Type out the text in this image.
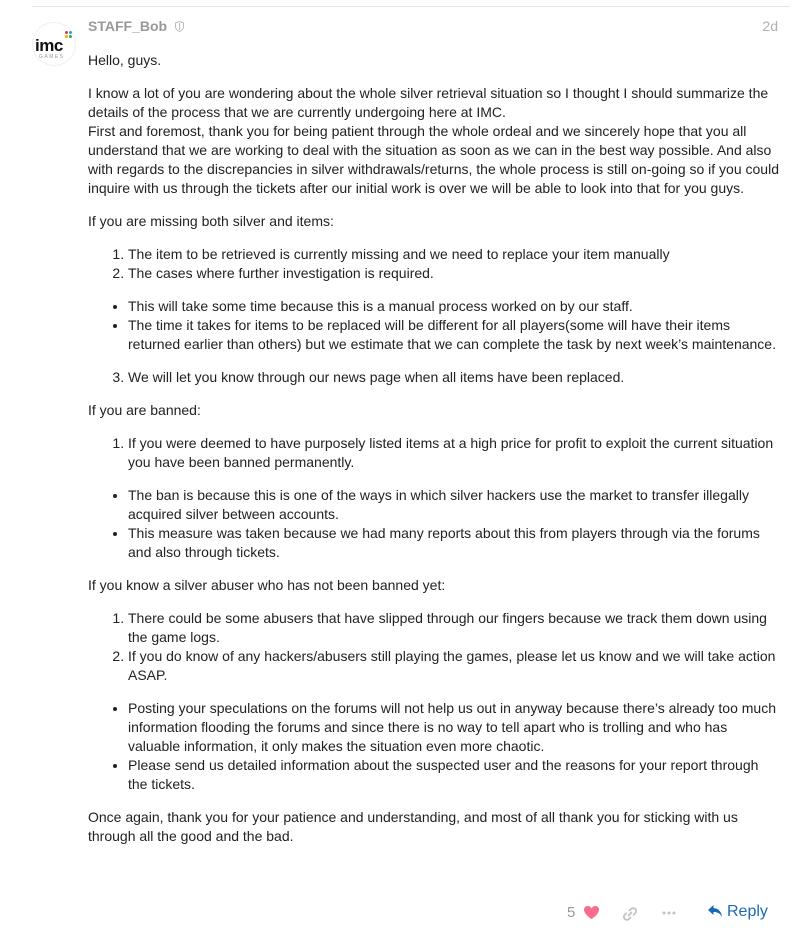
imc
GAMES
STAFF_Bob	2d

Hello, guys.

I know a lot of you are wondering about the whole silver retrieval situation so I thought I should summarize the details of the process that we are currently undergoing here at IMC.
First and foremost, thank you for being patient through the whole ordeal and we sincerely hope that you all understand that we are working to deal with the situation as soon as we can in the best way possible. And also with regards to the discrepancies in silver withdrawals/returns, the whole process is still on-going so if you could inquire with us through the tickets after our initial work is over we will be able to look into that for you guys.

If you are missing both silver and items:

1. The item to be retrieved is currently missing and we need to replace your item manually
2. The cases where further investigation is required.
• This will take some time because this is a manual process worked on by our staff.
• The time it takes for items to be replaced will be different for all players(some will have their items returned earlier than others) but we estimate that we can complete the task by next week’s maintenance.
3. We will let you know through our news page when all items have been replaced.

If you are banned:

1. If you were deemed to have purposely listed items at a high price for profit to exploit the current situation you have been banned permanently.
• The ban is because this is one of the ways in which silver hackers use the market to transfer illegally acquired silver between accounts.
• This measure was taken because we had many reports about this from players through via the forums and also through tickets.

If you know a silver abuser who has not been banned yet:

1. There could be some abusers that have slipped through our fingers because we track them down using the game logs.
2. If you do know of any hackers/abusers still playing the games, please let us know and we will take action ASAP.
• Posting your speculations on the forums will not help us out in anyway because there’s already too much information flooding the forums and since there is no way to tell apart who is trolling and who has valuable information, it only makes the situation even more chaotic.
• Please send us detailed information about the suspected user and the reasons for your report through the tickets.

Once again, thank you for your patience and understanding, and most of all thank you for sticking with us through all the good and the bad.

5	Reply
